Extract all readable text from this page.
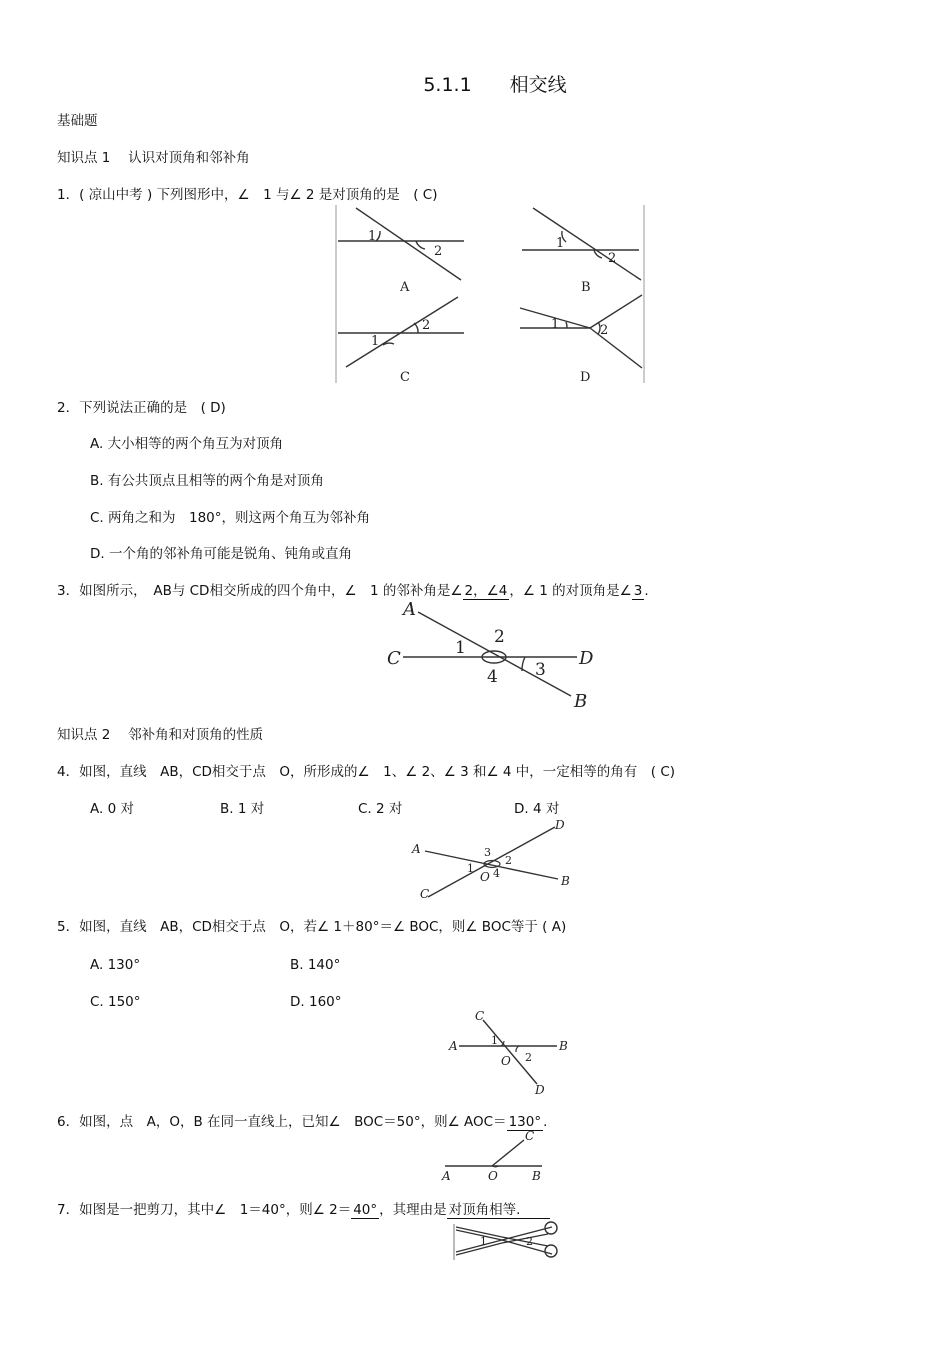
5.1.1　　相交线
基础题
知识点 1　 认识对顶角和邻补角
1．( 凉山中考 ) 下列图形中，∠　1 与∠ 2 是对顶角的是　( C)
1
2
A
1
2
B
1
2
C
1	2
D
2．下列说法正确的是　( D)
A. 大小相等的两个角互为对顶角
B. 有公共顶点且相等的两个角是对顶角
C. 两角之和为　180°，则这两个角互为邻补角
D. 一个角的邻补角可能是锐角、钝角或直角
3．如图所示，　AB与 CD相交所成的四个角中，∠　1 的邻补角是∠ 2，∠4 ，∠ 1 的对顶角是∠ 3 .
A
C	D
B
1
2
3
4
知识点 2　 邻补角和对顶角的性质
4．如图，直线　AB，CD相交于点　O，所形成的∠　1、∠ 2、∠ 3 和∠ 4 中，一定相等的角有　( C)
A. 0 对	B. 1 对	C. 2 对	D. 4 对
A
C
D
B
O
1
2
3
4
5．如图，直线　AB，CD相交于点　O，若∠ 1＋80°＝∠ BOC，则∠ BOC等于 ( A)
A. 130°	B. 140°
C. 150°	D. 160°
A	B
C
D
O
1
2
6．如图，点　A，O，B 在同一直线上，已知∠　BOC＝50°，则∠ AOC＝ 130° .
A	O	B
C
7．如图是一把剪刀，其中∠　1＝40°，则∠ 2＝ 40° ，其理由是 对顶角相等.
1	2
